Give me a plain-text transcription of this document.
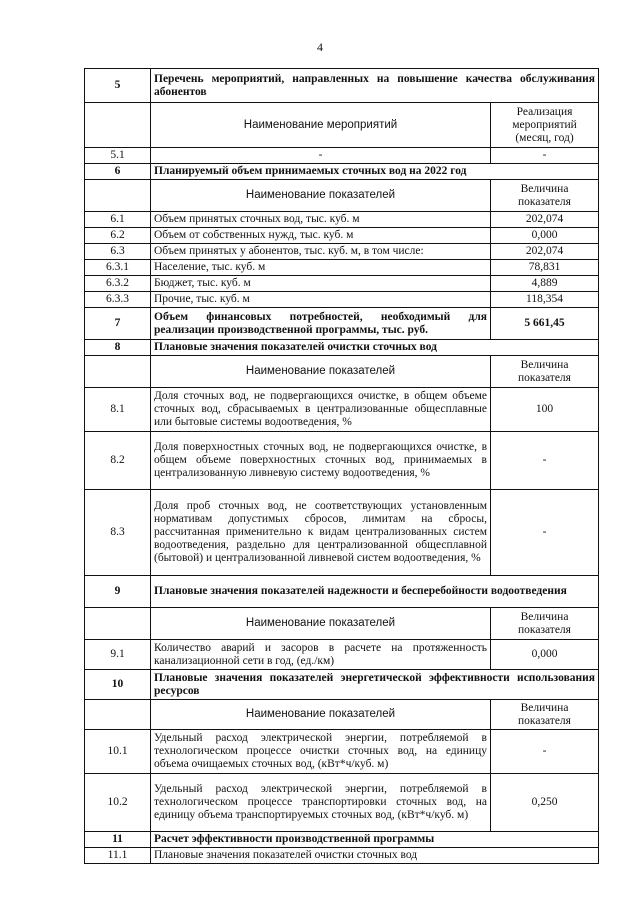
4
5	Перечень мероприятий, направленных на повышение качества обслуживания абонентов	
	Наименование мероприятий	Реализация мероприятий (месяц, год)
5.1	-	-
6	Планируемый объем принимаемых сточных вод на 2022 год	
	Наименование показателей	Величина показателя
6.1	Объем принятых сточных вод, тыс. куб. м	202,074
6.2	Объем от собственных нужд, тыс. куб. м	0,000
6.3	Объем принятых у абонентов, тыс. куб. м, в том числе:	202,074
6.3.1	Население, тыс. куб. м	78,831
6.3.2	Бюджет, тыс. куб. м	4,889
6.3.3	Прочие, тыс. куб. м	118,354
7	Объем финансовых потребностей, необходимый для реализации производственной программы, тыс. руб.	5 661,45
8	Плановые значения показателей очистки сточных вод	
	Наименование показателей	Величина показателя
8.1	Доля сточных вод, не подвергающихся очистке, в общем объеме сточных вод, сбрасываемых в централизованные общесплавные или бытовые системы водоотведения, %	100
8.2	Доля поверхностных сточных вод, не подвергающихся очистке, в общем объеме поверхностных сточных вод, принимаемых в централизованную ливневую систему водоотведения, %	-
8.3	Доля проб сточных вод, не соответствующих установленным нормативам допустимых сбросов, лимитам на сбросы, рассчитанная применительно к видам централизованных систем водоотведения, раздельно для централизованной общесплавной (бытовой) и централизованной ливневой систем водоотведения, %	-
9	Плановые значения показателей надежности и бесперебойности водоотведения	
	Наименование показателей	Величина показателя
9.1	Количество аварий и засоров в расчете на протяженность канализационной сети в год, (ед./км)	0,000
10	Плановые значения показателей энергетической эффективности использования ресурсов	
	Наименование показателей	Величина показателя
10.1	Удельный расход электрической энергии, потребляемой в технологическом процессе очистки сточных вод, на единицу объема очищаемых сточных вод, (кВт*ч/куб. м)	-
10.2	Удельный расход электрической энергии, потребляемой в технологическом процессе транспортировки сточных вод, на единицу объема транспортируемых сточных вод, (кВт*ч/куб. м)	0,250
11	Расчет эффективности производственной программы	
11.1	Плановые значения показателей очистки сточных вод	
